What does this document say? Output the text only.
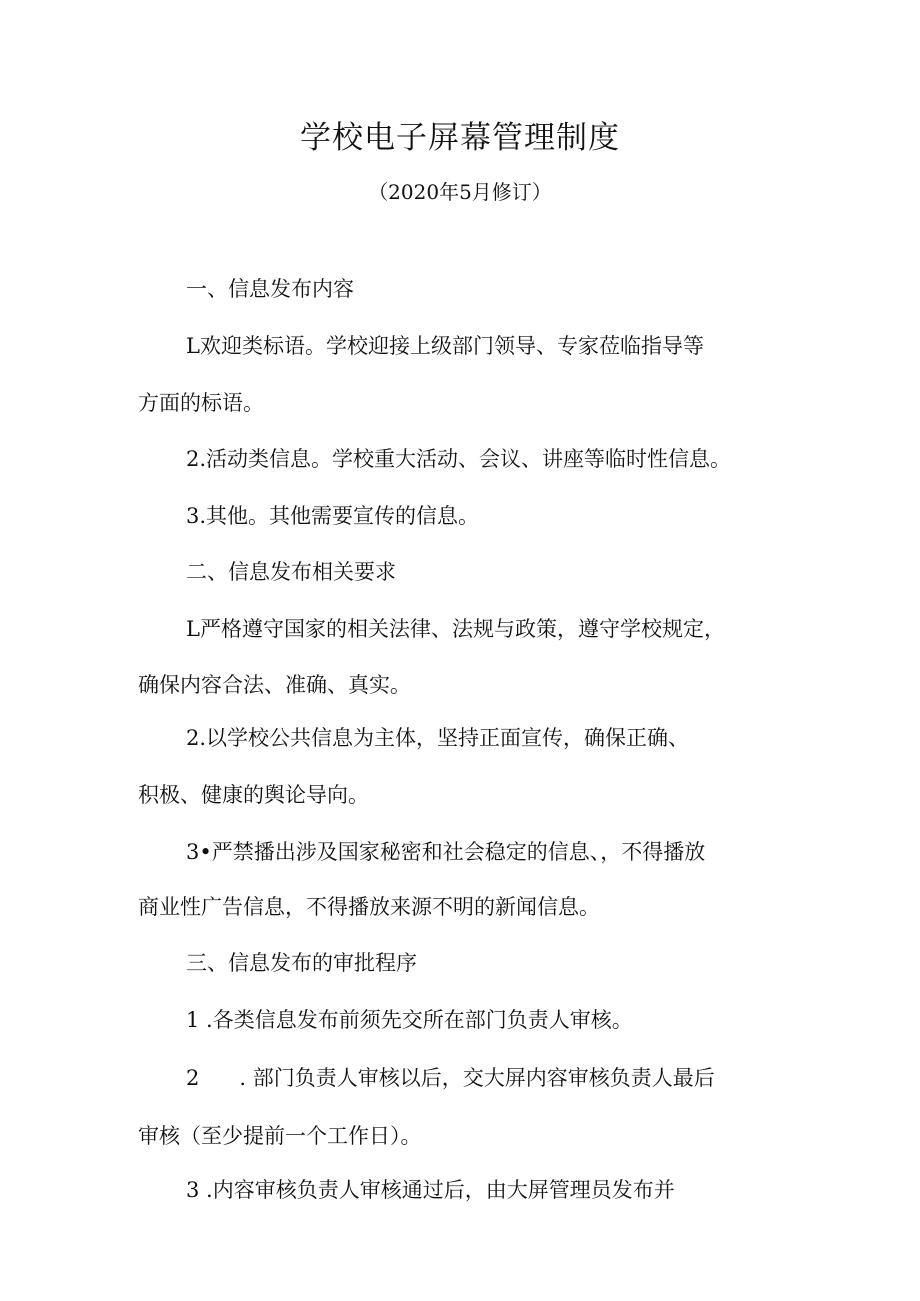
学校电子屏幕管理制度

（2020年5月修订）

一、信息发布内容

L欢迎类标语。学校迎接上级部门领导、专家莅临指导等

方面的标语。

2.活动类信息。学校重大活动、会议、讲座等临时性信息。

3.其他。其他需要宣传的信息。

二、信息发布相关要求

L严格遵守国家的相关法律、法规与政策，遵守学校规定，

确保内容合法、准确、真实。

2.以学校公共信息为主体，坚持正面宣传，确保正确、

积极、健康的舆论导向。

3•严禁播出涉及国家秘密和社会稳定的信息、，不得播放

商业性广告信息，不得播放来源不明的新闻信息。

三、信息发布的审批程序

1 .各类信息发布前须先交所在部门负责人审核。

2      . 部门负责人审核以后，交大屏内容审核负责人最后

审核（至少提前一个工作日）。

3 .内容审核负责人审核通过后，由大屏管理员发布并
